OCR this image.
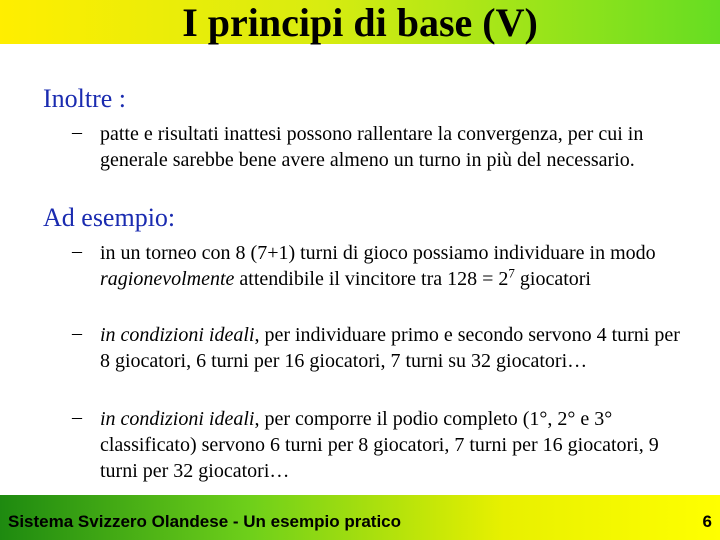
I principi di base (V)
Inoltre :
– patte e risultati inattesi possono rallentare la convergenza, per cui in generale sarebbe bene avere almeno un turno in più del necessario.
Ad esempio:
– in un torneo con 8 (7+1) turni di gioco possiamo individuare in modo ragionevolmente attendibile il vincitore tra $128 = 2^7$ giocatori
– in condizioni ideali, per individuare primo e secondo servono 4 turni per 8 giocatori, 6 turni per 16 giocatori, 7 turni su 32 giocatori…
– in condizioni ideali, per comporre il podio completo (1°, 2° e 3° classificato) servono 6 turni per 8 giocatori, 7 turni per 16 giocatori, 9 turni per 32 giocatori…
Sistema Svizzero Olandese - Un esempio pratico	6
